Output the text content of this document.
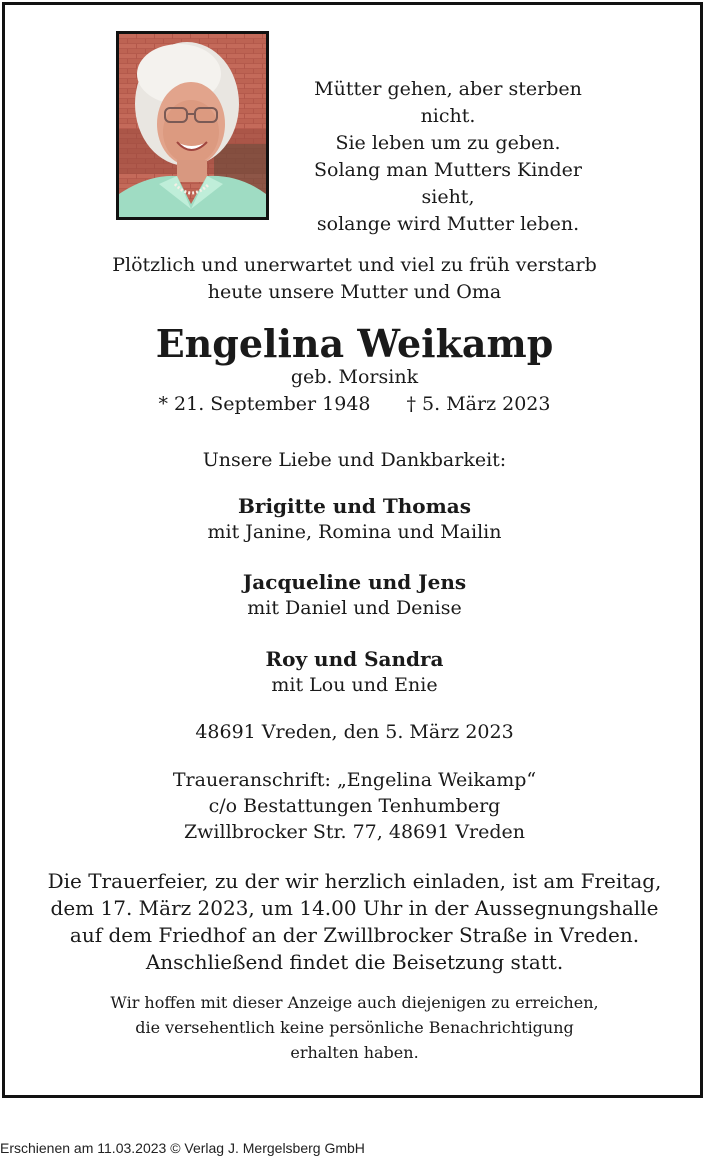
Mütter gehen, aber sterben nicht.
Sie leben um zu geben.
Solang man Mutters Kinder sieht,
solange wird Mutter leben.
Plötzlich und unerwartet und viel zu früh verstarb
heute unsere Mutter und Oma
Engelina Weikamp
geb. Morsink
* 21. September 1948 † 5. März 2023
Unsere Liebe und Dankbarkeit:
Brigitte und Thomas
mit Janine, Romina und Mailin
Jacqueline und Jens
mit Daniel und Denise
Roy und Sandra
mit Lou und Enie
48691 Vreden, den 5. März 2023
Traueranschrift: „Engelina Weikamp“
c/o Bestattungen Tenhumberg
Zwillbrocker Str. 77, 48691 Vreden
Die Trauerfeier, zu der wir herzlich einladen, ist am Freitag,
dem 17. März 2023, um 14.00 Uhr in der Aussegnungshalle
auf dem Friedhof an der Zwillbrocker Straße in Vreden.
Anschließend findet die Beisetzung statt.
Wir hoffen mit dieser Anzeige auch diejenigen zu erreichen,
die versehentlich keine persönliche Benachrichtigung
erhalten haben.
Erschienen am 11.03.2023 © Verlag J. Mergelsberg GmbH
